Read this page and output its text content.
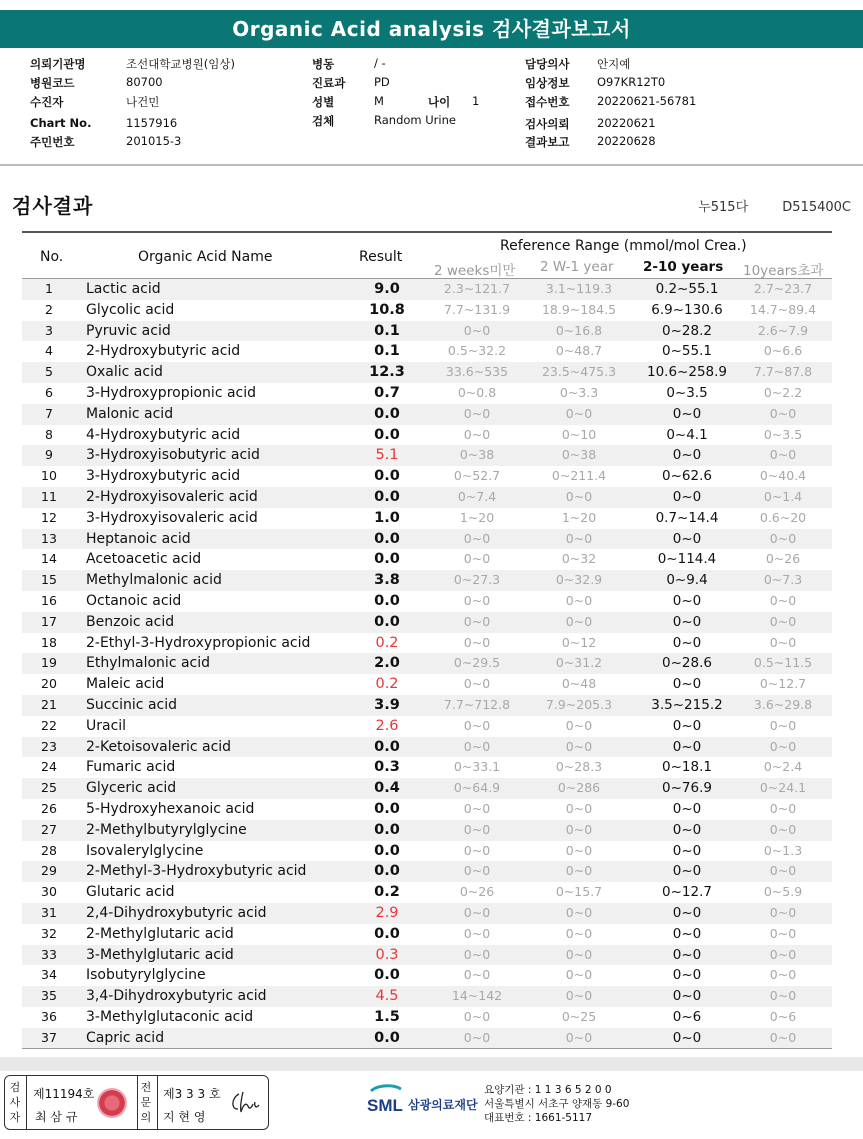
Organic Acid analysis 검사결과보고서
의뢰기관명	조선대학교병원(임상)
병원코드	80700
수진자	나건민
Chart No.	1157916
주민번호	201015-3
병동	/ -
진료과 PD
성별	M	나이 1
검체	Random Urine
담당의사 안지예
임상정보 O97KR12T0
접수번호 20220621-56781
검사의뢰 20220621
결과보고 20220628
검사결과	누515다	D515400C
No.	Organic Acid Name	Result
Reference Range (mmol/mol Crea.)
2 weeks미만 2 W-1 year 2-10 years 10years초과
1	Lactic acid	9.0	2.3~121.7	3.1~119.3	0.2~55.1	2.7~23.7
2	Glycolic acid	10.8	7.7~131.9	18.9~184.5	6.9~130.6	14.7~89.4
3	Pyruvic acid	0.1	0~0	0~16.8	0~28.2	2.6~7.9
4	2-Hydroxybutyric acid	0.1	0.5~32.2	0~48.7	0~55.1	0~6.6
5	Oxalic acid	12.3	33.6~535	23.5~475.3	10.6~258.9	7.7~87.8
6	3-Hydroxypropionic acid	0.7	0~0.8	0~3.3	0~3.5	0~2.2
7	Malonic acid	0.0	0~0	0~0	0~0	0~0
8	4-Hydroxybutyric acid	0.0	0~0	0~10	0~4.1	0~3.5
9	3-Hydroxyisobutyric acid	5.1	0~38	0~38	0~0	0~0
10	3-Hydroxybutyric acid	0.0	0~52.7	0~211.4	0~62.6	0~40.4
11	2-Hydroxyisovaleric acid	0.0	0~7.4	0~0	0~0	0~1.4
12	3-Hydroxyisovaleric acid	1.0	1~20	1~20	0.7~14.4	0.6~20
13	Heptanoic acid	0.0	0~0	0~0	0~0	0~0
14	Acetoacetic acid	0.0	0~0	0~32	0~114.4	0~26
15	Methylmalonic acid	3.8	0~27.3	0~32.9	0~9.4	0~7.3
16	Octanoic acid	0.0	0~0	0~0	0~0	0~0
17	Benzoic acid	0.0	0~0	0~0	0~0	0~0
18	2-Ethyl-3-Hydroxypropionic acid	0.2	0~0	0~12	0~0	0~0
19	Ethylmalonic acid	2.0	0~29.5	0~31.2	0~28.6	0.5~11.5
20	Maleic acid	0.2	0~0	0~48	0~0	0~12.7
21	Succinic acid	3.9	7.7~712.8	7.9~205.3	3.5~215.2	3.6~29.8
22	Uracil	2.6	0~0	0~0	0~0	0~0
23	2-Ketoisovaleric acid	0.0	0~0	0~0	0~0	0~0
24	Fumaric acid	0.3	0~33.1	0~28.3	0~18.1	0~2.4
25	Glyceric acid	0.4	0~64.9	0~286	0~76.9	0~24.1
26	5-Hydroxyhexanoic acid	0.0	0~0	0~0	0~0	0~0
27	2-Methylbutyrylglycine	0.0	0~0	0~0	0~0	0~0
28	Isovalerylglycine	0.0	0~0	0~0	0~0	0~1.3
29	2-Methyl-3-Hydroxybutyric acid	0.0	0~0	0~0	0~0	0~0
30	Glutaric acid	0.2	0~26	0~15.7	0~12.7	0~5.9
31	2,4-Dihydroxybutyric acid	2.9	0~0	0~0	0~0	0~0
32	2-Methylglutaric acid	0.0	0~0	0~0	0~0	0~0
33	3-Methylglutaric acid	0.3	0~0	0~0	0~0	0~0
34	Isobutyrylglycine	0.0	0~0	0~0	0~0	0~0
35	3,4-Dihydroxybutyric acid	4.5	14~142	0~0	0~0	0~0
36	3-Methylglutaconic acid	1.5	0~0	0~25	0~6	0~6
37	Capric acid	0.0	0~0	0~0	0~0	0~0
검사자
제11194호
최 삼 규
전문의
제3 3 3 호
지 현 영
SML 삼광의료재단
요양기관 : 1 1 3 6 5 2 0 0
서울특별시 서초구 양재동 9-60
대표번호 : 1661-5117
